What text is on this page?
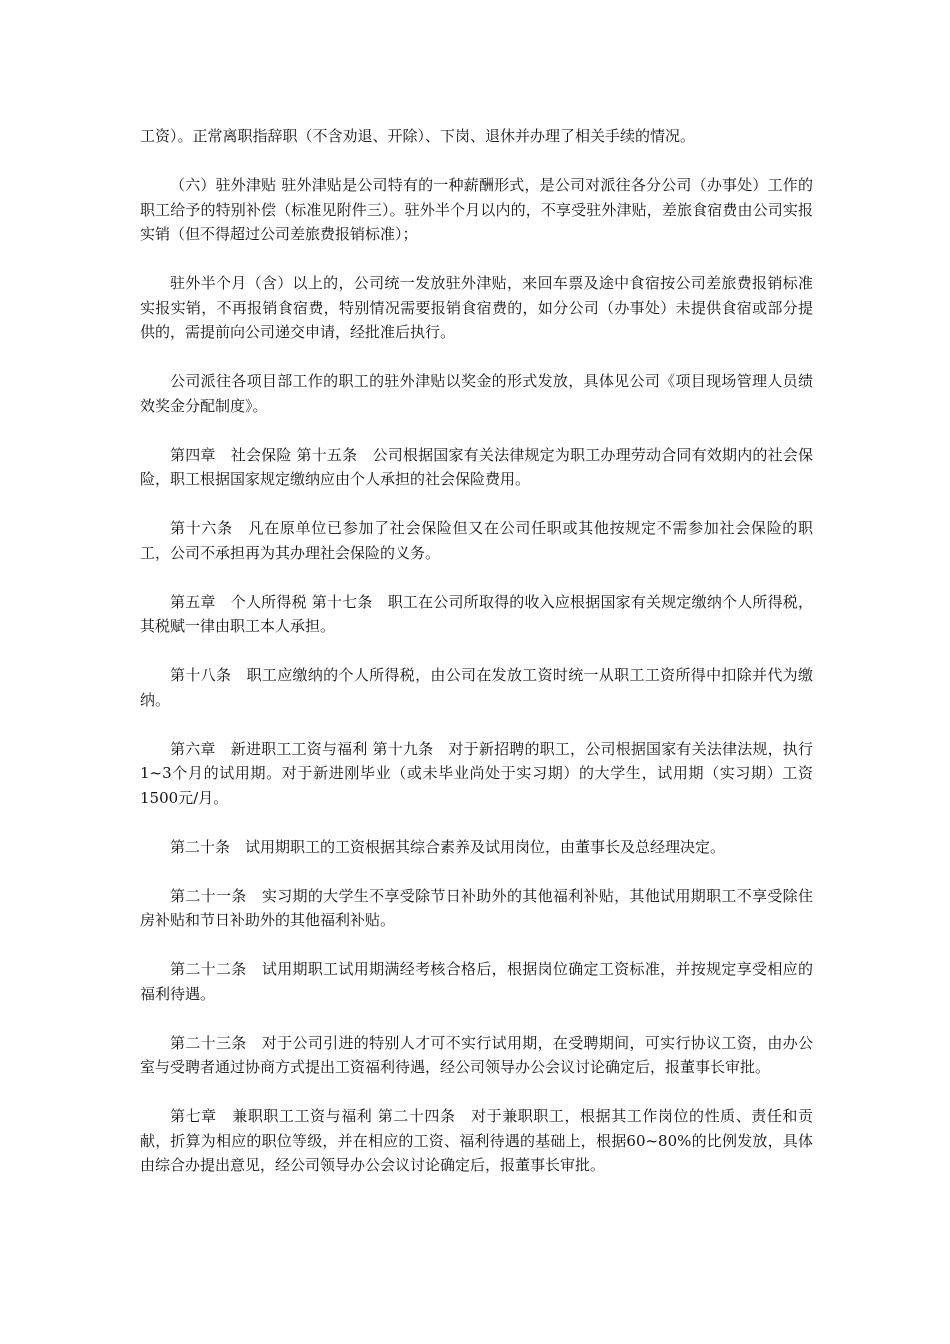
工资）。正常离职指辞职（不含劝退、开除）、下岗、退休并办理了相关手续的情况。

（六）驻外津贴 驻外津贴是公司特有的一种薪酬形式，是公司对派往各分公司（办事处）工作的职工给予的特别补偿（标准见附件三）。驻外半个月以内的，不享受驻外津贴，差旅食宿费由公司实报实销（但不得超过公司差旅费报销标准）；

驻外半个月（含）以上的，公司统一发放驻外津贴，来回车票及途中食宿按公司差旅费报销标准实报实销，不再报销食宿费，特别情况需要报销食宿费的，如分公司（办事处）未提供食宿或部分提供的，需提前向公司递交申请，经批准后执行。

公司派往各项目部工作的职工的驻外津贴以奖金的形式发放，具体见公司《项目现场管理人员绩效奖金分配制度》。

第四章　社会保险 第十五条　公司根据国家有关法律规定为职工办理劳动合同有效期内的社会保险，职工根据国家规定缴纳应由个人承担的社会保险费用。

第十六条　凡在原单位已参加了社会保险但又在公司任职或其他按规定不需参加社会保险的职工，公司不承担再为其办理社会保险的义务。

第五章　个人所得税 第十七条　职工在公司所取得的收入应根据国家有关规定缴纳个人所得税，其税赋一律由职工本人承担。

第十八条　职工应缴纳的个人所得税，由公司在发放工资时统一从职工工资所得中扣除并代为缴纳。

第六章　新进职工工资与福利 第十九条　对于新招聘的职工，公司根据国家有关法律法规，执行1~3个月的试用期。对于新进刚毕业（或未毕业尚处于实习期）的大学生，试用期（实习期）工资1500元/月。

第二十条　试用期职工的工资根据其综合素养及试用岗位，由董事长及总经理决定。

第二十一条　实习期的大学生不享受除节日补助外的其他福利补贴，其他试用期职工不享受除住房补贴和节日补助外的其他福利补贴。

第二十二条　试用期职工试用期满经考核合格后，根据岗位确定工资标准，并按规定享受相应的福利待遇。

第二十三条　对于公司引进的特别人才可不实行试用期，在受聘期间，可实行协议工资，由办公室与受聘者通过协商方式提出工资福利待遇，经公司领导办公会议讨论确定后，报董事长审批。

第七章　兼职职工工资与福利 第二十四条　对于兼职职工，根据其工作岗位的性质、责任和贡献，折算为相应的职位等级，并在相应的工资、福利待遇的基础上，根据60~80%的比例发放，具体由综合办提出意见，经公司领导办公会议讨论确定后，报董事长审批。
